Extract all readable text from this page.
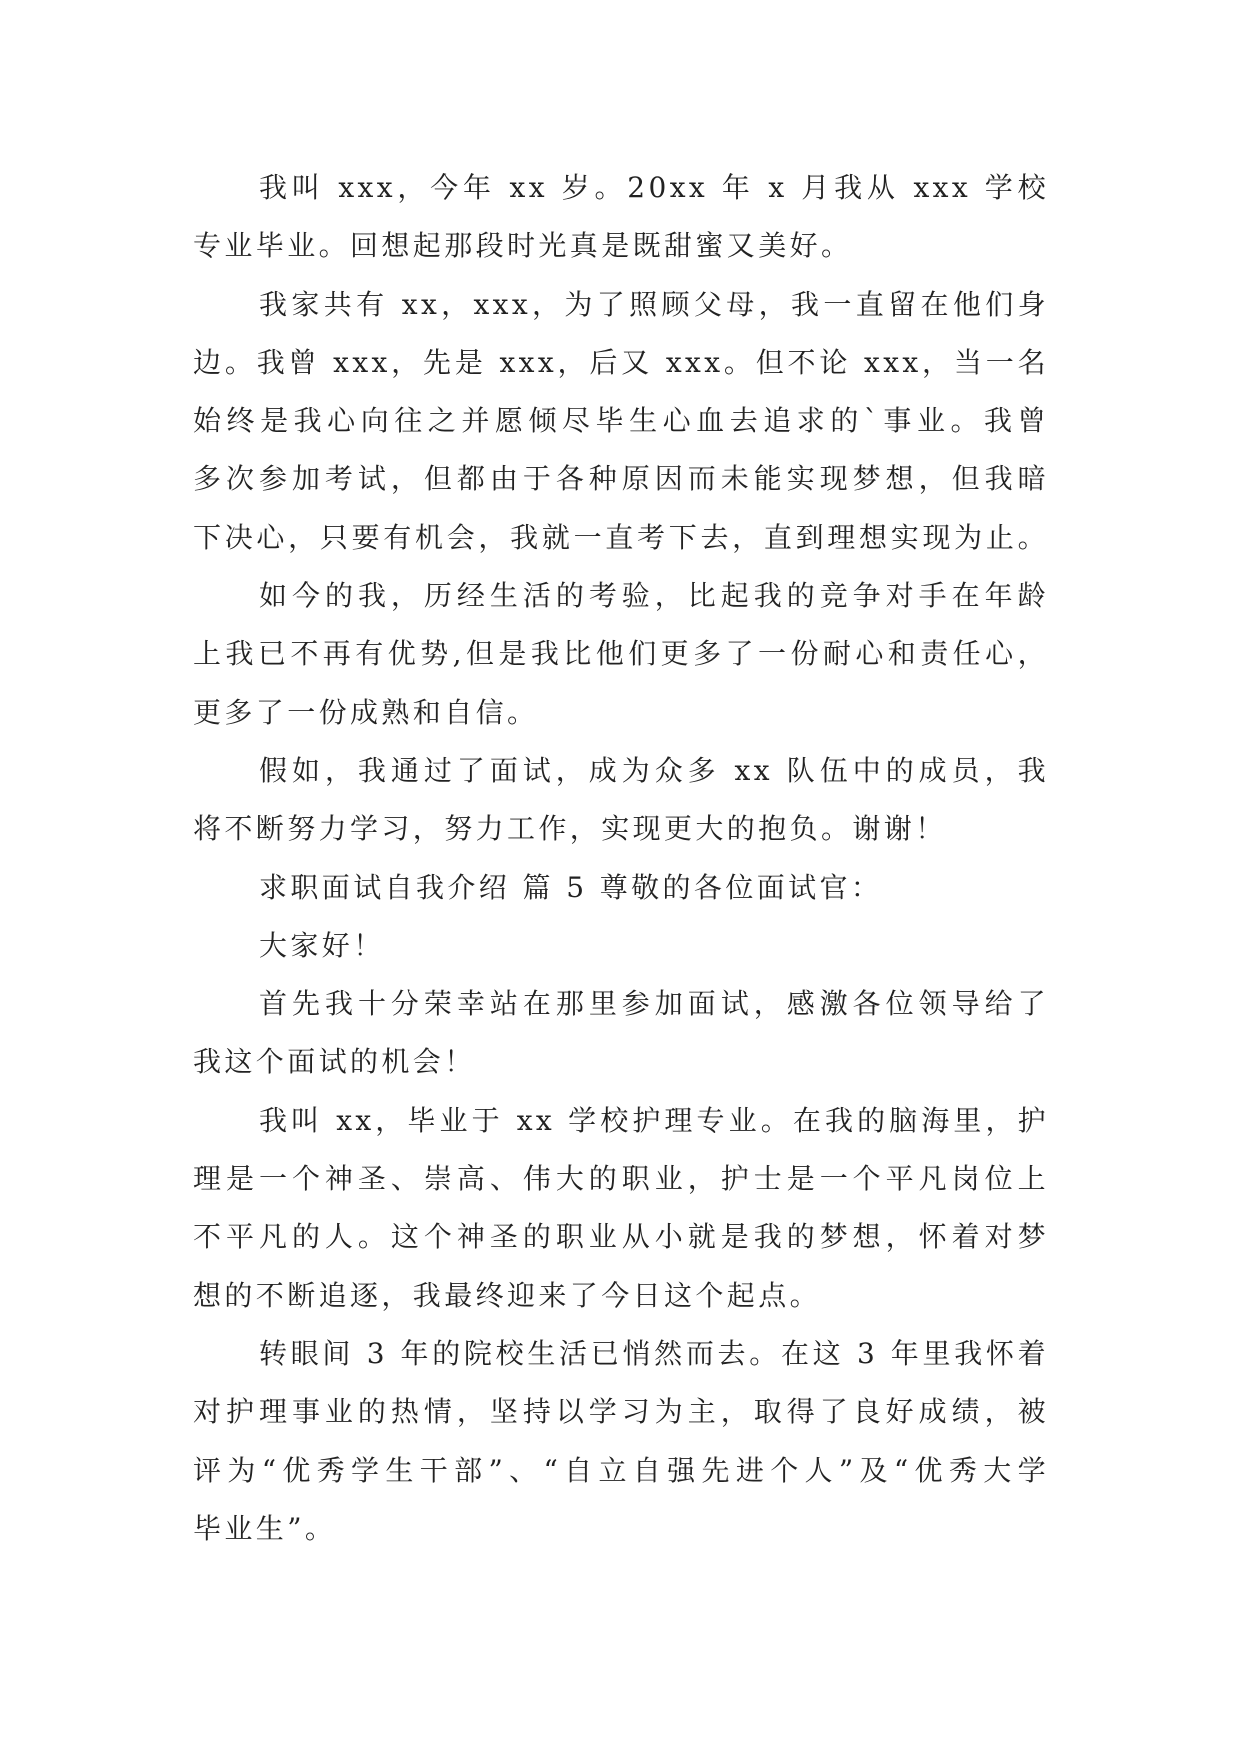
我叫 xxx，今年 xx 岁。20xx 年 x 月我从 xxx 学校
专业毕业。回想起那段时光真是既甜蜜又美好。
我家共有 xx，xxx，为了照顾父母，我一直留在他们身
边。我曾 xxx，先是 xxx，后又 xxx。但不论 xxx，当一名
始终是我心向往之并愿倾尽毕生心血去追求的`事业。我曾
多次参加考试，但都由于各种原因而未能实现梦想，但我暗
下决心，只要有机会，我就一直考下去，直到理想实现为止。
如今的我，历经生活的考验，比起我的竞争对手在年龄
上我已不再有优势,但是我比他们更多了一份耐心和责任心，
更多了一份成熟和自信。
假如，我通过了面试，成为众多 xx 队伍中的成员，我
将不断努力学习，努力工作，实现更大的抱负。谢谢！
求职面试自我介绍 篇 5 尊敬的各位面试官：
大家好！
首先我十分荣幸站在那里参加面试，感激各位领导给了
我这个面试的机会！
我叫 xx，毕业于 xx 学校护理专业。在我的脑海里，护
理是一个神圣、崇高、伟大的职业，护士是一个平凡岗位上
不平凡的人。这个神圣的职业从小就是我的梦想，怀着对梦
想的不断追逐，我最终迎来了今日这个起点。
转眼间 3 年的院校生活已悄然而去。在这 3 年里我怀着
对护理事业的热情，坚持以学习为主，取得了良好成绩，被
评为“优秀学生干部”、“自立自强先进个人”及“优秀大学
毕业生”。
